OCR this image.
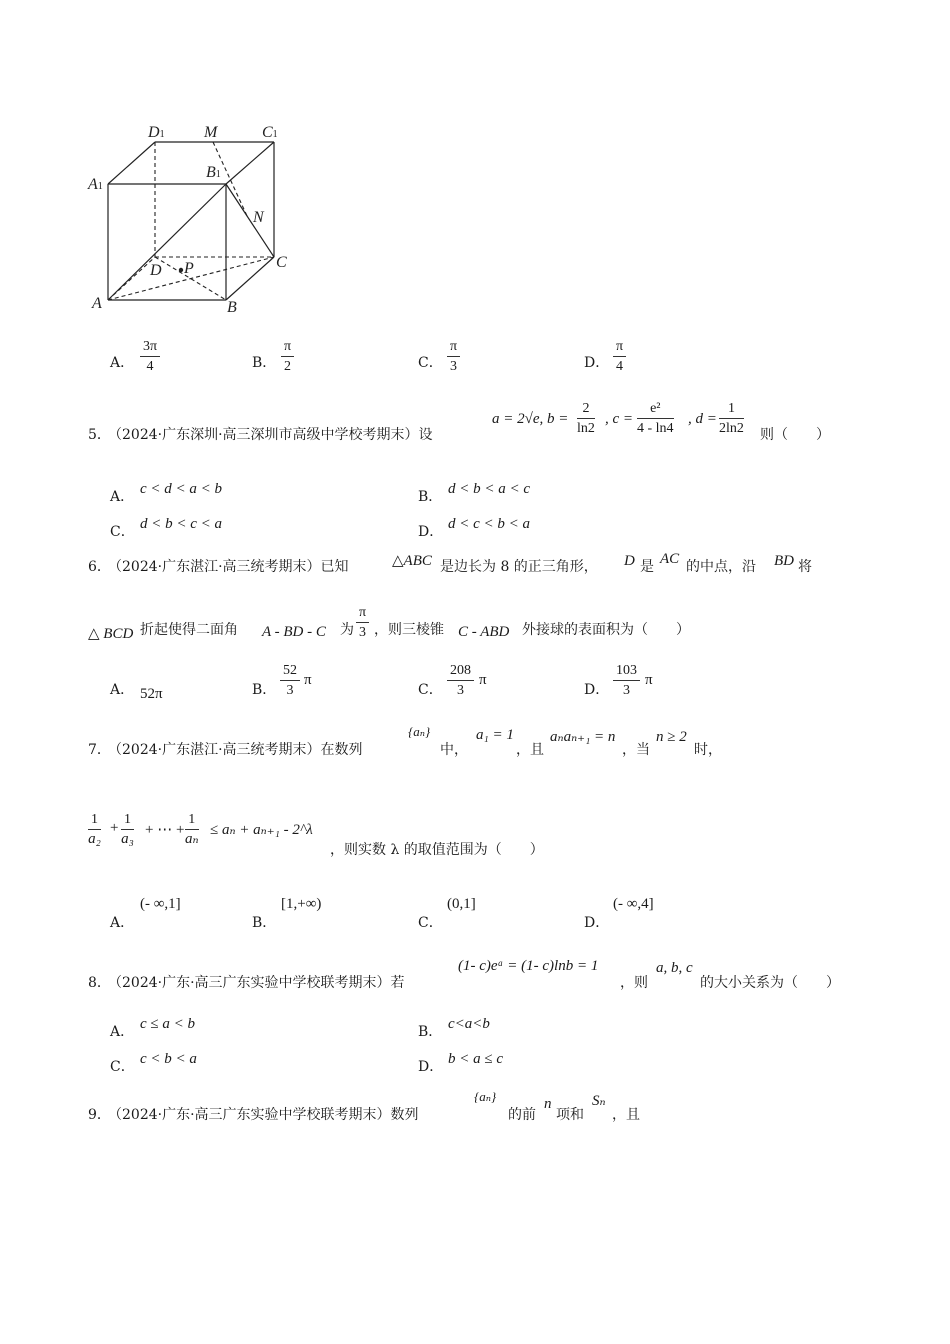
D1 M	C1
A1
B1
N
D P	C
A	B
A．
3π
4	B．
π
2	C．
π
3	D．
π
4
5．
（2024·广东深圳·高三深圳市高级中学校考期末）设
a = 2√e, b =
2
ln2
, c =
e²
4 - ln4
, d =
1
2ln2 则（　　）
A． c < d < a < b	B． d < b < a < c
C． d < b < c < a	D． d < c < b < a
6．
（2024·广东湛江·高三统考期末）已知	△ABC 是边长为 8 的正三角形， D 是 AC 的中点，沿 BD 将
△ BCD 折起使得二面角 A - BD - C 为
π
3 ，则三棱锥 C - ABD 外接球的表面积为（　　）
A． 52π	B．
52
3
π
C．
208
3
π
D．
103
3
π
7．
（2024·广东湛江·高三统考期末）在数列
{aₙ}
中，
a₁ = 1
，且
aₙaₙ₊₁ = n
，当
n ≥ 2
时，
1
a₂
+
1
a₃
+ ⋯ +
1
aₙ
≤ aₙ + aₙ₊₁ - 2^λ
，则实数 λ 的取值范围为（　　）
A．
(- ∞,1]
B．
[1,+∞)
C．
(0,1]
D．
(- ∞,4]
8．
（2024·广东·高三广东实验中学校联考期末）若
(1- c)eᵃ = (1- c)lnb = 1
，则
a, b, c
的大小关系为（　　）
A． c ≤ a < b	B． c<a<b
C． c < b < a	D． b < a ≤ c
9．
（2024·广东·高三广东实验中学校联考期末）数列
{aₙ}
的前
n
项和
Sₙ
，且
